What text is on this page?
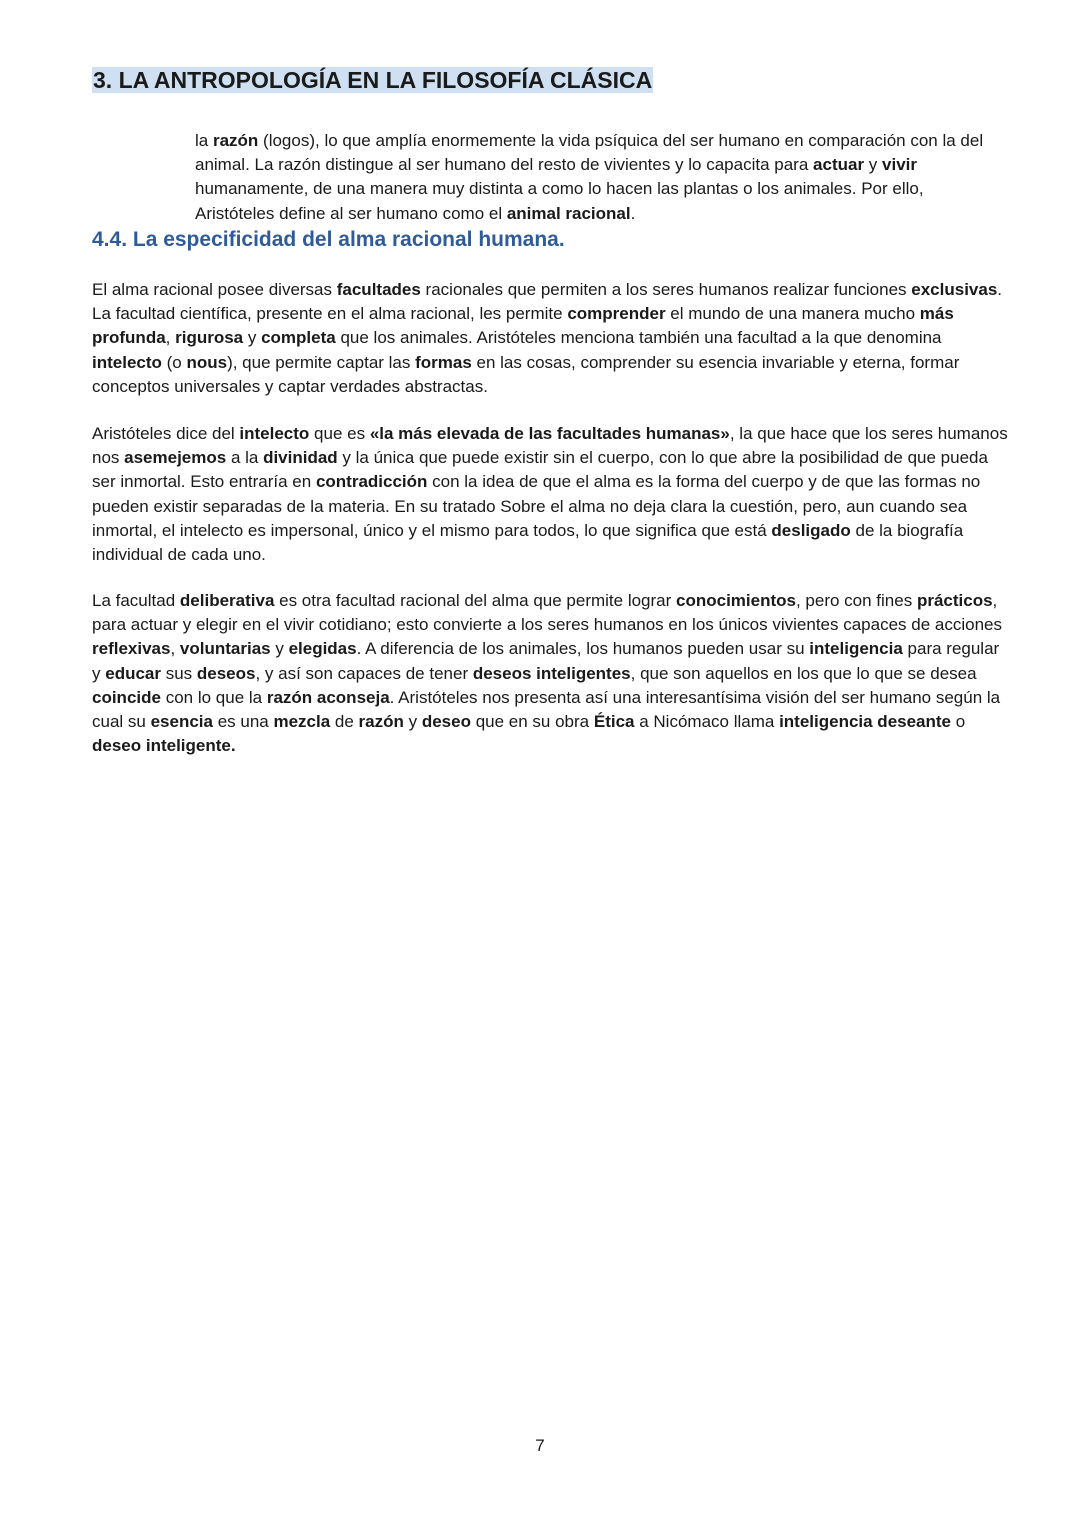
3. LA ANTROPOLOGÍA EN LA FILOSOFÍA CLÁSICA

la razón (logos), lo que amplía enormemente la vida psíquica del ser humano en comparación con la del animal. La razón distingue al ser humano del resto de vivientes y lo capacita para actuar y vivir humanamente, de una manera muy distinta a como lo hacen las plantas o los animales. Por ello, Aristóteles define al ser humano como el animal racional.

4.4. La especificidad del alma racional humana.

El alma racional posee diversas facultades racionales que permiten a los seres humanos realizar funciones exclusivas. La facultad científica, presente en el alma racional, les permite comprender el mundo de una manera mucho más profunda, rigurosa y completa que los animales. Aristóteles menciona también una facultad a la que denomina intelecto (o nous), que permite captar las formas en las cosas, comprender su esencia invariable y eterna, formar conceptos universales y captar verdades abstractas.

Aristóteles dice del intelecto que es «la más elevada de las facultades humanas», la que hace que los seres humanos nos asemejemos a la divinidad y la única que puede existir sin el cuerpo, con lo que abre la posibilidad de que pueda ser inmortal. Esto entraría en contradicción con la idea de que el alma es la forma del cuerpo y de que las formas no pueden existir separadas de la materia. En su tratado Sobre el alma no deja clara la cuestión, pero, aun cuando sea inmortal, el intelecto es impersonal, único y el mismo para todos, lo que significa que está desligado de la biografía individual de cada uno.

La facultad deliberativa es otra facultad racional del alma que permite lograr conocimientos, pero con fines prácticos, para actuar y elegir en el vivir cotidiano; esto convierte a los seres humanos en los únicos vivientes capaces de acciones reflexivas, voluntarias y elegidas. A diferencia de los animales, los humanos pueden usar su inteligencia para regular y educar sus deseos, y así son capaces de tener deseos inteligentes, que son aquellos en los que lo que se desea coincide con lo que la razón aconseja. Aristóteles nos presenta así una interesantísima visión del ser humano según la cual su esencia es una mezcla de razón y deseo que en su obra Ética a Nicómaco llama inteligencia deseante o deseo inteligente.

7
